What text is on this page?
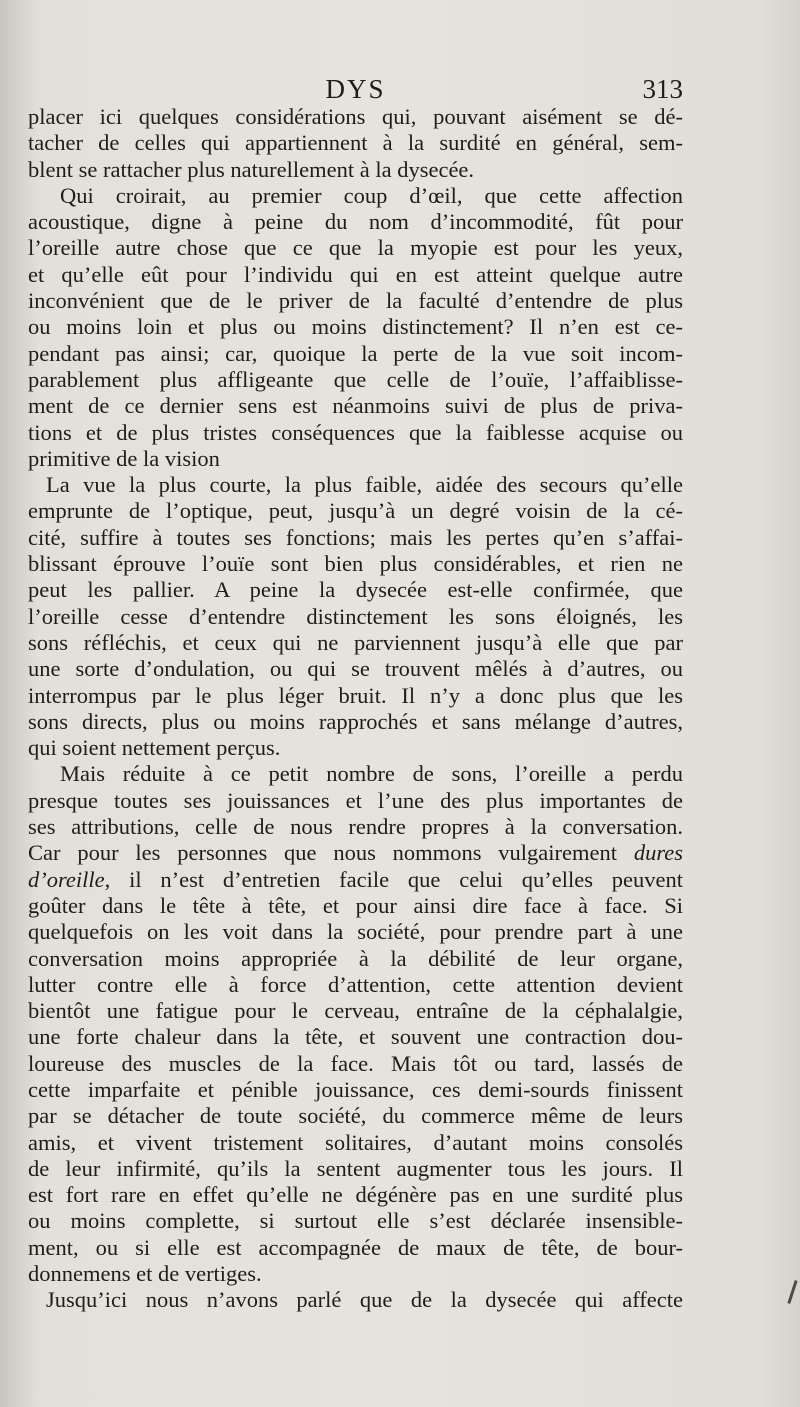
DYS	313
placer ici quelques considérations qui, pouvant aisément se dé-
tacher de celles qui appartiennent à la surdité en général, sem-
blent se rattacher plus naturellement à la dysecée.
Qui croirait, au premier coup d’œil, que cette affection
acoustique, digne à peine du nom d’incommodité, fût pour
l’oreille autre chose que ce que la myopie est pour les yeux,
et qu’elle eût pour l’individu qui en est atteint quelque autre
inconvénient que de le priver de la faculté d’entendre de plus
ou moins loin et plus ou moins distinctement? Il n’en est ce-
pendant pas ainsi; car, quoique la perte de la vue soit incom-
parablement plus affligeante que celle de l’ouïe, l’affaiblisse-
ment de ce dernier sens est néanmoins suivi de plus de priva-
tions et de plus tristes conséquences que la faiblesse acquise ou
primitive de la vision
La vue la plus courte, la plus faible, aidée des secours qu’elle
emprunte de l’optique, peut, jusqu’à un degré voisin de la cé-
cité, suffire à toutes ses fonctions; mais les pertes qu’en s’affai-
blissant éprouve l’ouïe sont bien plus considérables, et rien ne
peut les pallier. A peine la dysecée est-elle confirmée, que
l’oreille cesse d’entendre distinctement les sons éloignés, les
sons réfléchis, et ceux qui ne parviennent jusqu’à elle que par
une sorte d’ondulation, ou qui se trouvent mêlés à d’autres, ou
interrompus par le plus léger bruit. Il n’y a donc plus que les
sons directs, plus ou moins rapprochés et sans mélange d’autres,
qui soient nettement perçus.
Mais réduite à ce petit nombre de sons, l’oreille a perdu
presque toutes ses jouissances et l’une des plus importantes de
ses attributions, celle de nous rendre propres à la conversation.
Car pour les personnes que nous nommons vulgairement dures
d’oreille, il n’est d’entretien facile que celui qu’elles peuvent
goûter dans le tête à tête, et pour ainsi dire face à face. Si
quelquefois on les voit dans la société, pour prendre part à une
conversation moins appropriée à la débilité de leur organe,
lutter contre elle à force d’attention, cette attention devient
bientôt une fatigue pour le cerveau, entraîne de la céphalalgie,
une forte chaleur dans la tête, et souvent une contraction dou-
loureuse des muscles de la face. Mais tôt ou tard, lassés de
cette imparfaite et pénible jouissance, ces demi-sourds finissent
par se détacher de toute société, du commerce même de leurs
amis, et vivent tristement solitaires, d’autant moins consolés
de leur infirmité, qu’ils la sentent augmenter tous les jours. Il
est fort rare en effet qu’elle ne dégénère pas en une surdité plus
ou moins complette, si surtout elle s’est déclarée insensible-
ment, ou si elle est accompagnée de maux de tête, de bour-
donnemens et de vertiges.
Jusqu’ici nous n’avons parlé que de la dysecée qui affecte
